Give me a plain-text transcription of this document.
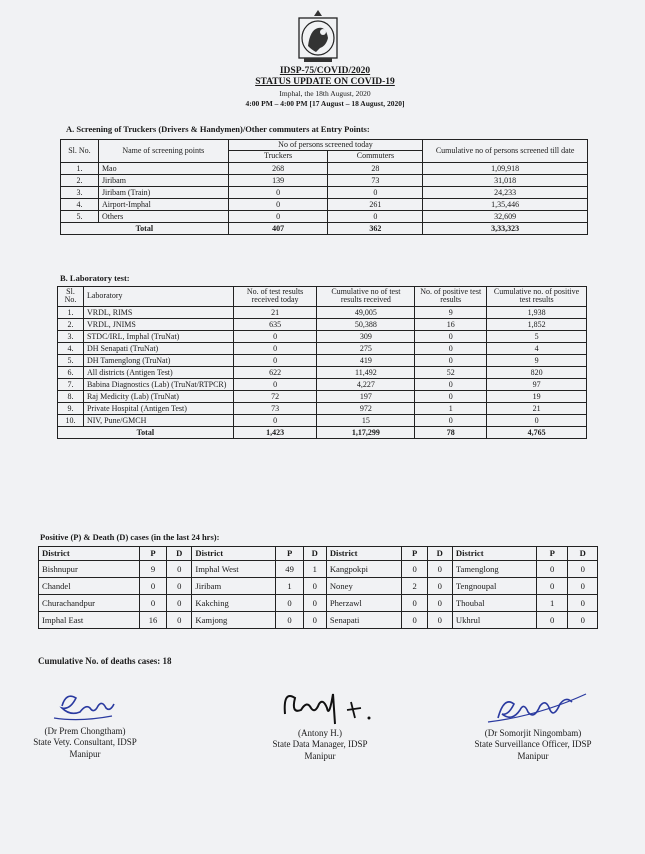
IDSP-75/COVID/2020
STATUS UPDATE ON COVID-19
Imphal, the 18th August, 2020
4:00 PM – 4:00 PM [17 August – 18 August, 2020]
A. Screening of Truckers (Drivers & Handymen)/Other commuters at Entry Points:
Sl. No.	Name of screening points	No of persons screened today		Cumulative no of persons screened till date
		Truckers	Commuters	
1.	Mao	268	28	1,09,918
2.	Jiribam	139	73	31,018
3.	Jiribam (Train)	0	0	24,233
4.	Airport-Imphal	0	261	1,35,446
5.	Others	0	0	32,609
Total		407	362	3,33,323
B. Laboratory test:
Sl. No.	Laboratory	No. of test results received today	Cumulative no of test results received	No. of positive test results	Cumulative no. of positive test results
1.	VRDL, RIMS	21	49,005	9	1,938
2.	VRDL, JNIMS	635	50,388	16	1,852
3.	STDC/IRL, Imphal (TruNat)	0	309	0	5
4.	DH Senapati (TruNat)	0	275	0	4
5.	DH Tamenglong (TruNat)	0	419	0	9
6.	All districts (Antigen Test)	622	11,492	52	820
7.	Babina Diagnostics (Lab) (TruNat/RTPCR)	0	4,227	0	97
8.	Raj Medicity (Lab) (TruNat)	72	197	0	19
9.	Private Hospital (Antigen Test)	73	972	1	21
10.	NIV, Pune/GMCH	0	15	0	0
Total		1,423	1,17,299	78	4,765
Positive (P) & Death (D) cases (in the last 24 hrs):
District	P	D	District	P	D	District	P	D	District	P	D
Bishnupur	9	0	Imphal West	49	1	Kangpokpi	0	0	Tamenglong	0	0
Chandel	0	0	Jiribam	1	0	Noney	2	0	Tengnoupal	0	0
Churachandpur	0	0	Kakching	0	0	Pherzawl	0	0	Thoubal	1	0
Imphal East	16	0	Kamjong	0	0	Senapati	0	0	Ukhrul	0	0
Cumulative No. of deaths cases: 18
(Dr Prem Chongtham)
State Vety. Consultant, IDSP
Manipur
(Antony H.)
State Data Manager, IDSP
Manipur
(Dr Somorjit Ningombam)
State Surveillance Officer, IDSP
Manipur
